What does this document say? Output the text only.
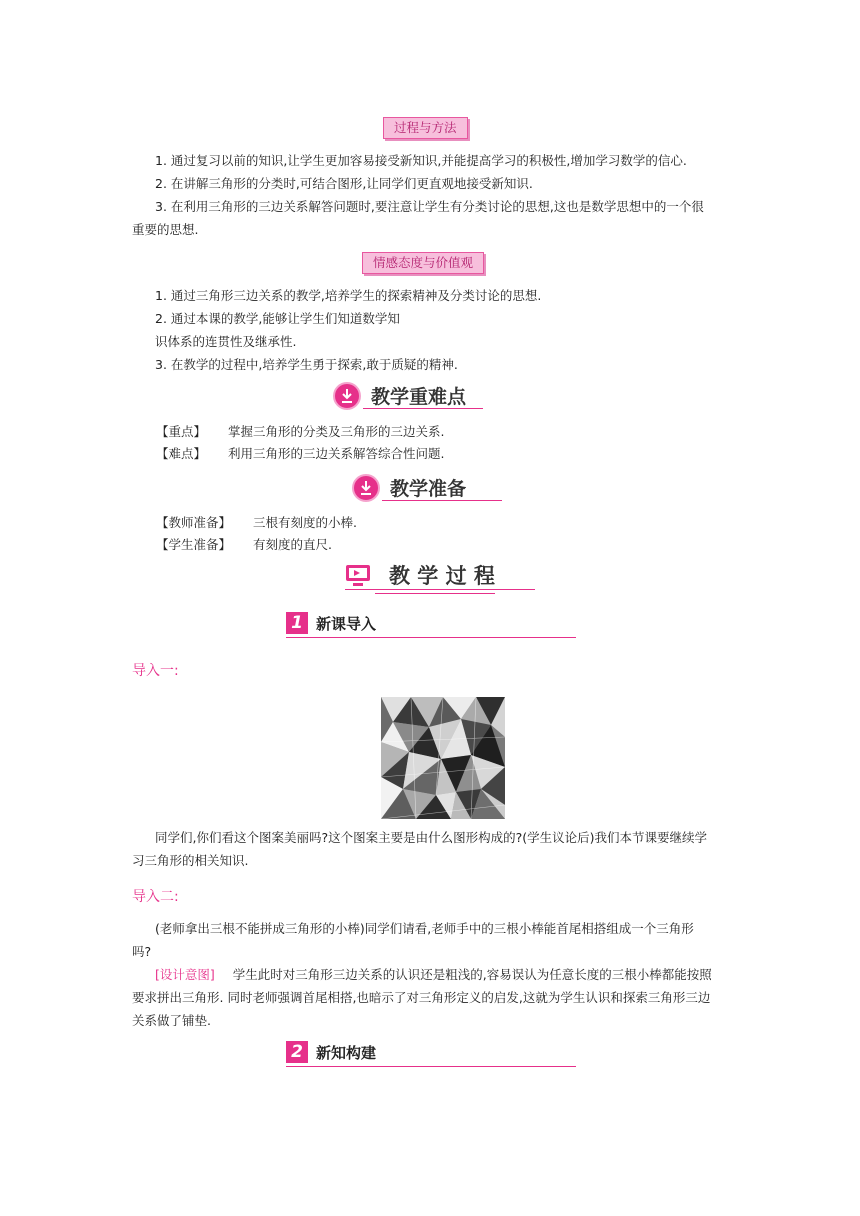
过程与方法
1. 通过复习以前的知识,让学生更加容易接受新知识,并能提高学习的积极性,增加学习数学的信心.
2. 在讲解三角形的分类时,可结合图形,让同学们更直观地接受新知识.
3. 在利用三角形的三边关系解答问题时,要注意让学生有分类讨论的思想,这也是数学思想中的一个很
重要的思想.
情感态度与价值观
1. 通过三角形三边关系的教学,培养学生的探索精神及分类讨论的思想.
2. 通过本课的教学,能够让学生们知道数学知
识体系的连贯性及继承性.
3. 在教学的过程中,培养学生勇于探索,敢于质疑的精神.
教学重难点
【重点】 掌握三角形的分类及三角形的三边关系.
【难点】 利用三角形的三边关系解答综合性问题.
教学准备
【教师准备】 三根有刻度的小棒.
【学生准备】 有刻度的直尺.
教 学 过 程
1 新课导入
导入一:
同学们,你们看这个图案美丽吗?这个图案主要是由什么图形构成的?(学生议论后)我们本节课要继续学
习三角形的相关知识.
导入二:
(老师拿出三根不能拼成三角形的小棒)同学们请看,老师手中的三根小棒能首尾相搭组成一个三角形
吗?
[设计意图] 学生此时对三角形三边关系的认识还是粗浅的,容易误认为任意长度的三根小棒都能按照
要求拼出三角形. 同时老师强调首尾相搭,也暗示了对三角形定义的启发,这就为学生认识和探索三角形三边
关系做了铺垫.
2 新知构建
